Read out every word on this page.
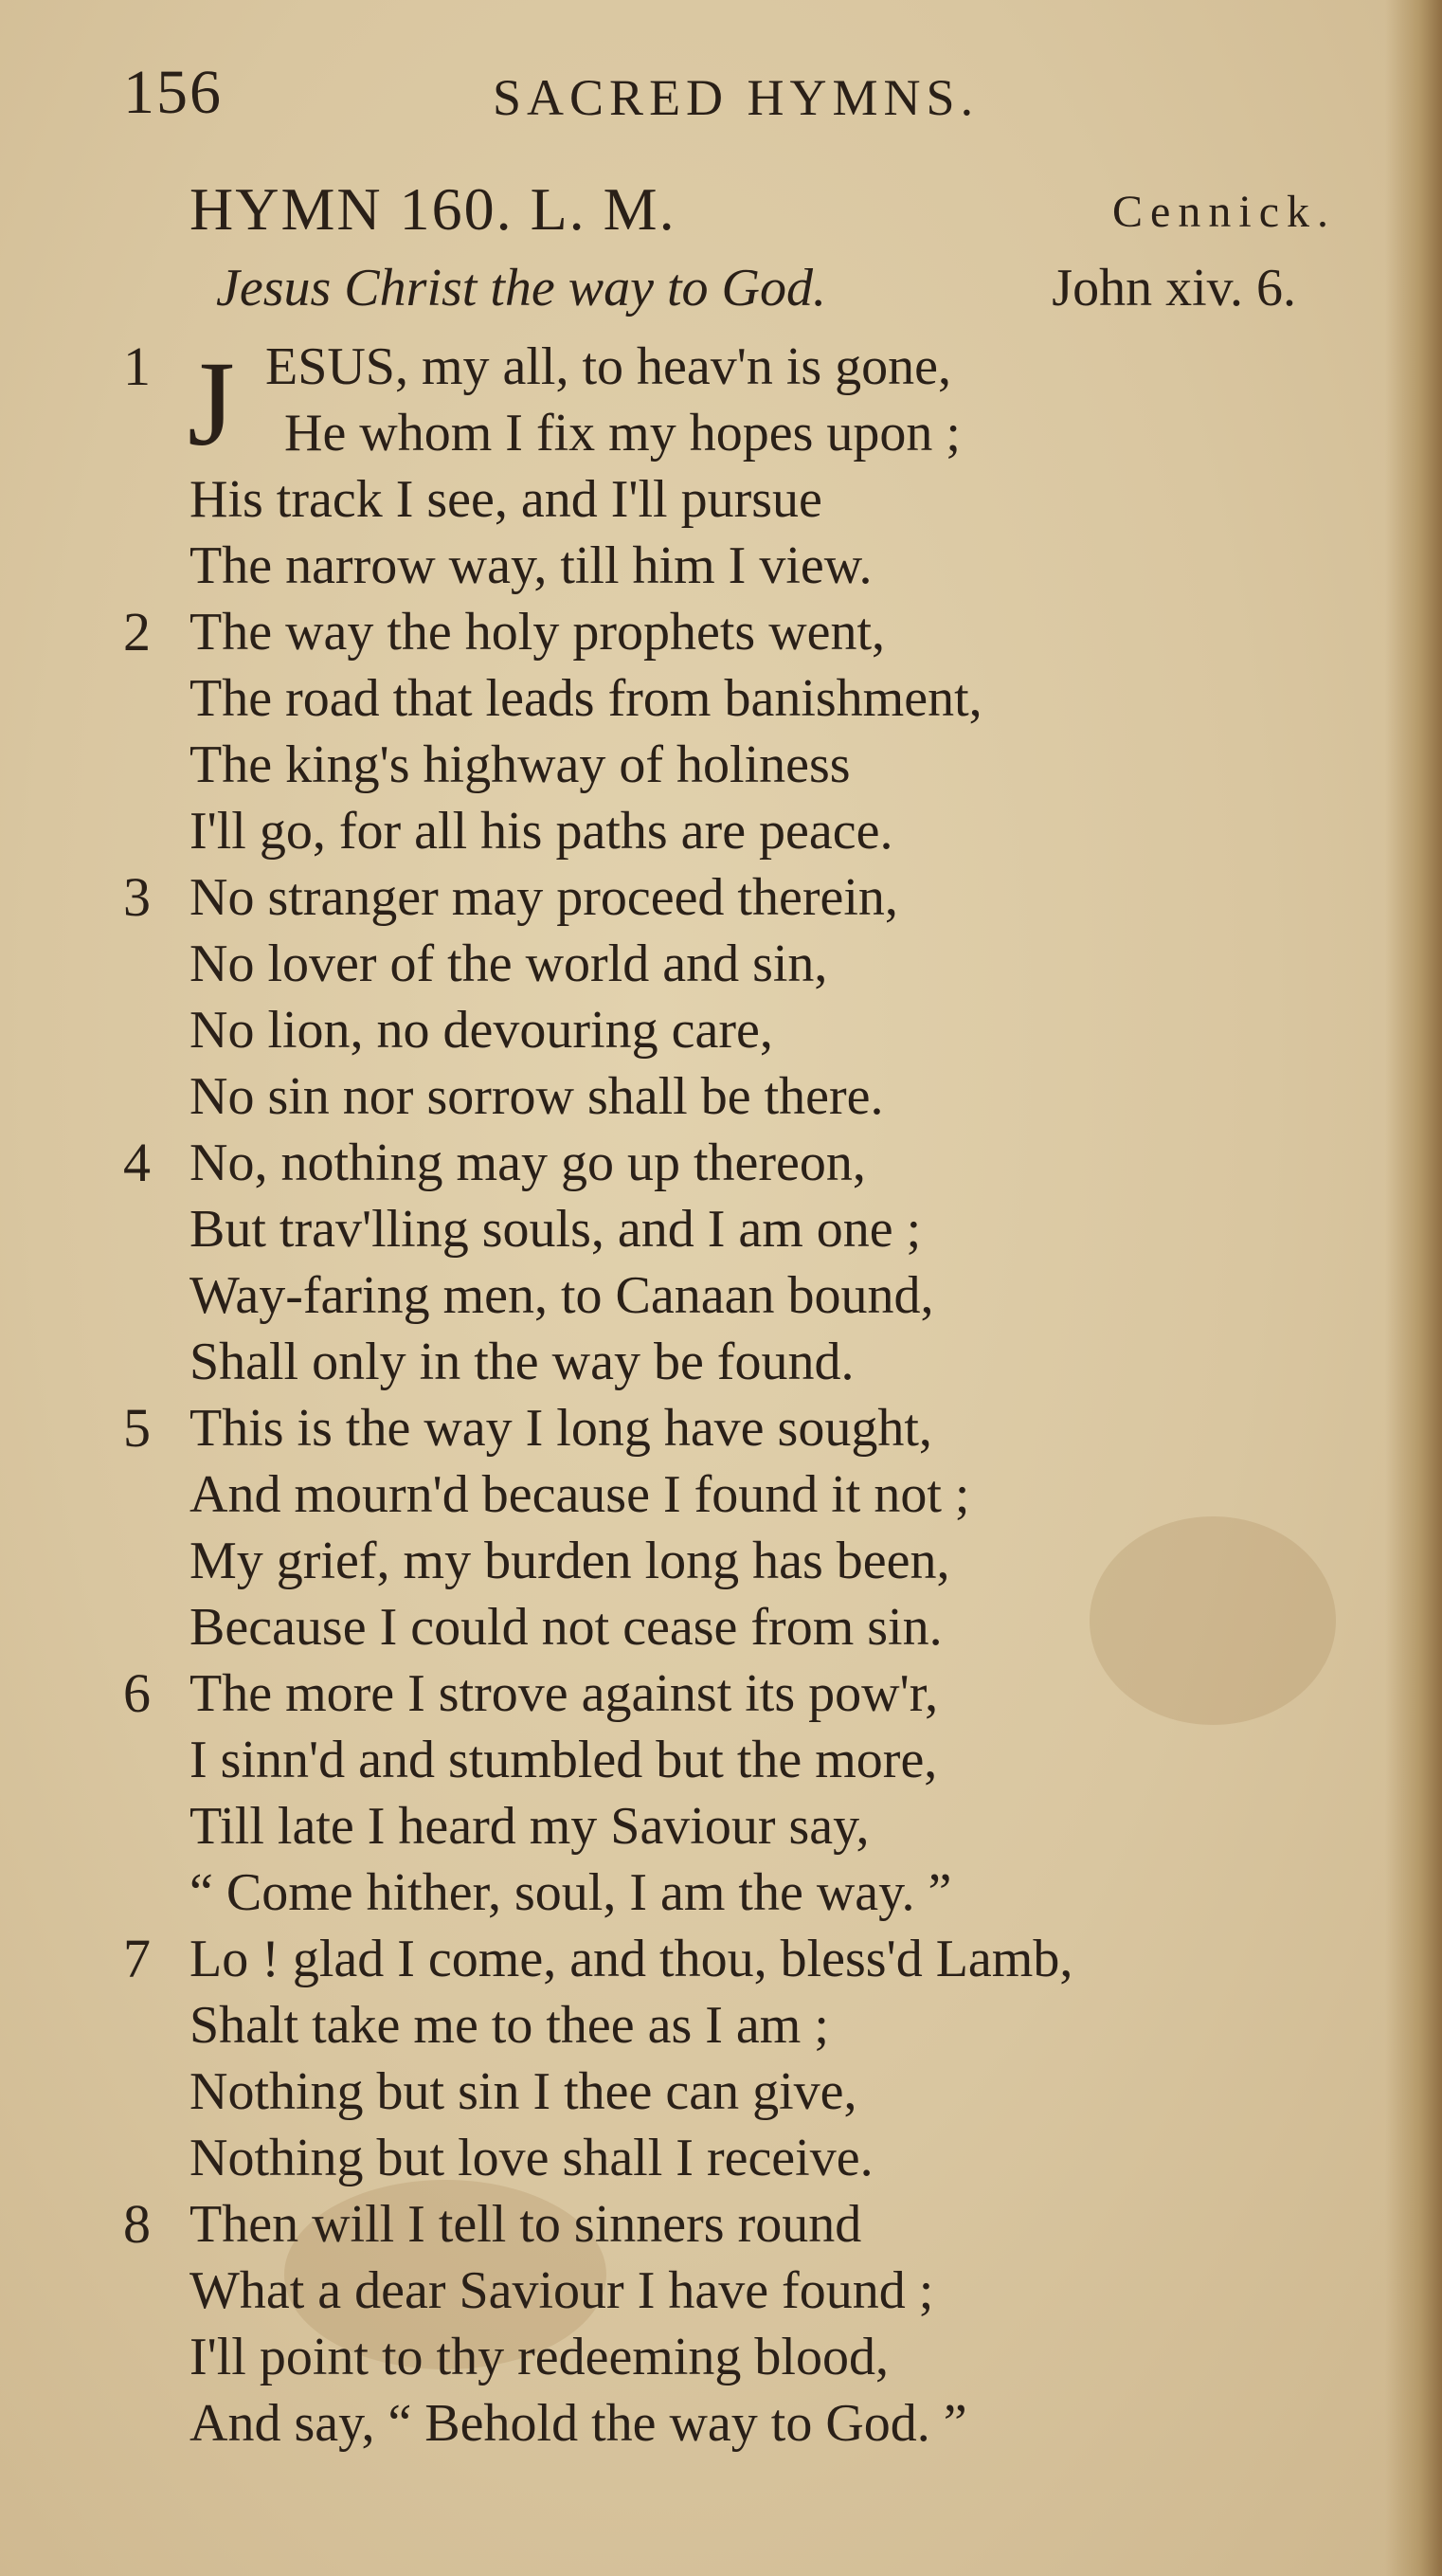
156	SACRED HYMNS.
HYMN 160. L. M.	Cennick.
Jesus Christ the way to God.	John xiv. 6.
1 J ESUS, my all, to heav'n is gone,
He whom I fix my hopes upon ;
His track I see, and I'll pursue
The narrow way, till him I view.
2 The way the holy prophets went,
The road that leads from banishment,
The king's highway of holiness
I'll go, for all his paths are peace.
3 No stranger may proceed therein,
No lover of the world and sin,
No lion, no devouring care,
No sin nor sorrow shall be there.
4 No, nothing may go up thereon,
But trav'lling souls, and I am one ;
Way-faring men, to Canaan bound,
Shall only in the way be found.
5 This is the way I long have sought,
And mourn'd because I found it not ;
My grief, my burden long has been,
Because I could not cease from sin.
6 The more I strove against its pow'r,
I sinn'd and stumbled but the more,
Till late I heard my Saviour say,
“ Come hither, soul, I am the way. ”
7 Lo ! glad I come, and thou, bless'd Lamb,
Shalt take me to thee as I am ;
Nothing but sin I thee can give,
Nothing but love shall I receive.
8 Then will I tell to sinners round
What a dear Saviour I have found ;
I'll point to thy redeeming blood,
And say, “ Behold the way to God. ”
